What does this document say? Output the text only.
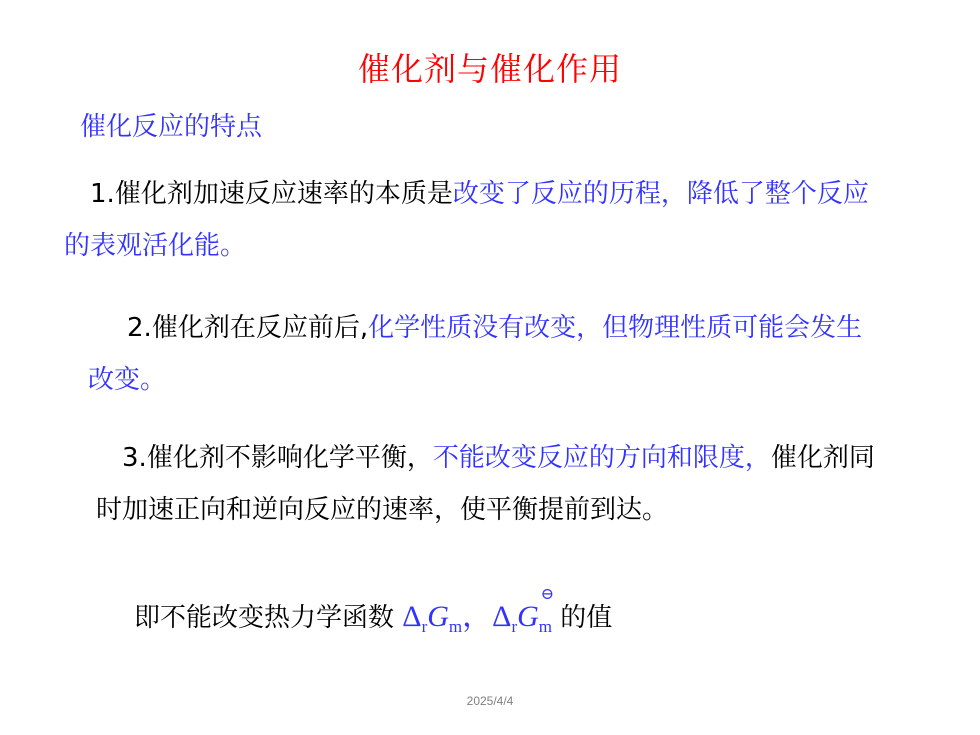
催化剂与催化作用
催化反应的特点
 1.催化剂加速反应速率的本质是改变了反应的历程，降低了整个反应的表观活化能。
  2.催化剂在反应前后,化学性质没有改变，但物理性质可能会发生改变。
 3.催化剂不影响化学平衡，不能改变反应的方向和限度，催化剂同时加速正向和逆向反应的速率，使平衡提前到达。
即不能改变热力学函数 $\Delta_rG_m$，$\Delta_rG_m$
⊖
的值
2025/4/4
